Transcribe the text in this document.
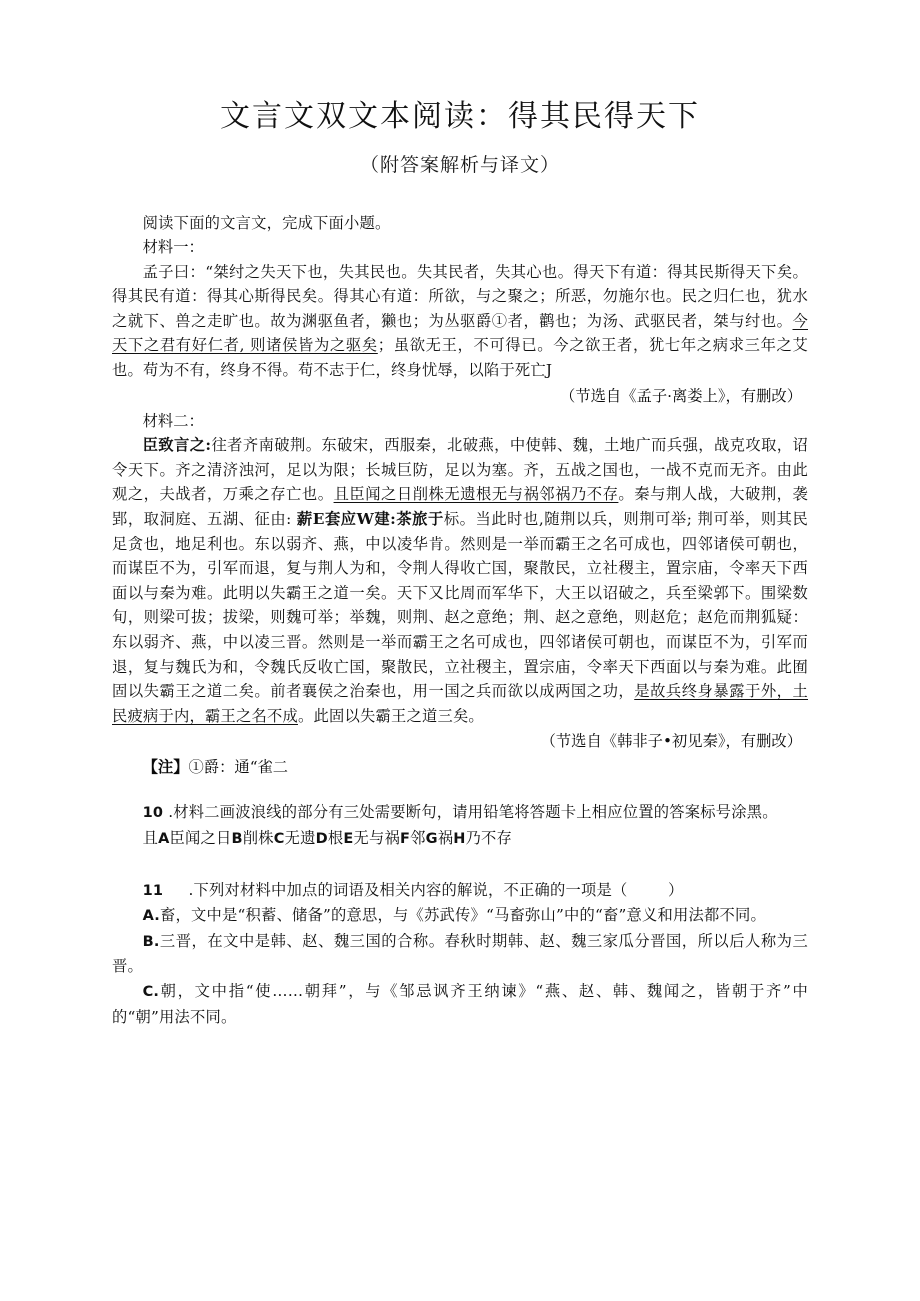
文言文双文本阅读：得其民得天下
（附答案解析与译文）

阅读下面的文言文，完成下面小题。

材料一：

孟子曰：“桀纣之失天下也，失其民也。失其民者，失其心也。得天下有道：得其民斯得天下矣。得其民有道：得其心斯得民矣。得其心有道：所欲，与之聚之；所恶，勿施尔也。民之归仁也，犹水之就下、兽之走旷也。故为渊驱鱼者，獭也；为丛驱爵①者，鹳也；为汤、武驱民者，桀与纣也。今天下之君有好仁者, 则诸侯皆为之驱矣；虽欲无王，不可得已。今之欲王者，犹七年之病求三年之艾也。苟为不有，终身不得。苟不志于仁，终身忧辱，以陷于死亡J

（节选自《孟子·离娄上》，有删改）

材料二：

臣致言之:往者齐南破荆。东破宋，西服秦，北破燕，中使韩、魏，土地广而兵强，战克攻取，诏令天下。齐之清济浊河，足以为限；长城巨防，足以为塞。齐，五战之国也，一战不克而无齐。由此观之，夫战者，万乘之存亡也。且臣闻之日削株无遗根无与祸邻祸乃不存。秦与荆人战，大破荆，袭郢，取洞庭、五湖、征由: 薪E套应W建:茶旅于标。当此时也,随荆以兵，则荆可举; 荆可举，则其民足贪也，地足利也。东以弱齐、燕，中以凌华肯。然则是一举而霸王之名可成也，四邻诸侯可朝也，而谋臣不为，引军而退，复与荆人为和，令荆人得收亡国，聚散民，立社稷主，置宗庙，令率天下西面以与秦为难。此明以失霸王之道一矣。天下又比周而军华下，大王以诏破之，兵至梁郭下。围梁数旬，则梁可拔；拔梁，则魏可举；举魏，则荆、赵之意绝；荆、赵之意绝，则赵危；赵危而荆狐疑：东以弱齐、燕，中以凌三晋。然则是一举而霸王之名可成也，四邻诸侯可朝也，而谋臣不为，引军而退，复与魏氏为和，令魏氏反收亡国，聚散民，立社稷主，置宗庙，令率天下西面以与秦为难。此囿固以失霸王之道二矣。前者襄侯之治秦也，用一国之兵而欲以成两国之功，是故兵终身暴露于外，土民疲病于内，霸王之名不成。此固以失霸王之道三矣。

（节选自《韩非子•初见秦》，有删改）

【注】①爵：通“雀二

10 .材料二画波浪线的部分有三处需要断句，请用铅笔将答题卡上相应位置的答案标号涂黑。

且A臣闻之日B削株C无遗D根E无与祸F邻G祸H乃不存

11 .下列对材料中加点的词语及相关内容的解说，不正确的一项是（	）

A.畜，文中是“积蓄、储备”的意思，与《苏武传》“马畜弥山”中的“畜”意义和用法都不同。

B.三晋，在文中是韩、赵、魏三国的合称。春秋时期韩、赵、魏三家瓜分晋国，所以后人称为三晋。

C.朝，文中指“使……朝拜”，与《邹忌讽齐王纳谏》“燕、赵、韩、魏闻之，皆朝于齐”中的“朝”用法不同。
